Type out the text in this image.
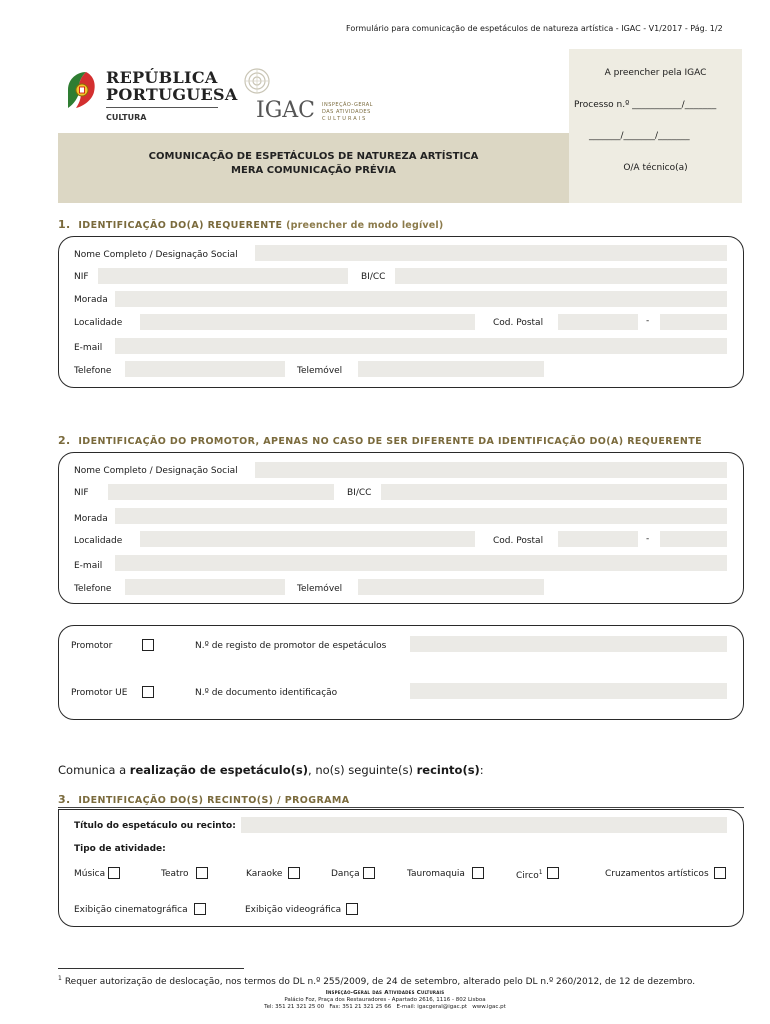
Formulário para comunicação de espetáculos de natureza artística - IGAC - V1/2017 - Pág. 1/2
REPÚBLICA
PORTUGUESA
CULTURA	IGAC INSPEÇÃO-GERAL
DAS ATIVIDADES
CULTURAIS
COMUNICAÇÃO DE ESPETÁCULOS DE NATUREZA ARTÍSTICA
MERA COMUNICAÇÃO PRÉVIA
A preencher pela IGAC
Processo n.º ___________/_______
_______/_______/_______
O/A técnico(a)
1. IDENTIFICAÇÃO DO(A) REQUERENTE (preencher de modo legível)
Nome Completo / Designação Social
NIF	BI/CC
Morada
Localidade	Cod. Postal	-
E-mail
Telefone	Telemóvel
2. IDENTIFICAÇÃO DO PROMOTOR, APENAS NO CASO DE SER DIFERENTE DA IDENTIFICAÇÃO DO(A) REQUERENTE
Nome Completo / Designação Social
NIF	BI/CC
Morada
Localidade	Cod. Postal	-
E-mail
Telefone	Telemóvel
Promotor	N.º de registo de promotor de espetáculos
Promotor UE	N.º de documento identificação
Comunica a realização de espetáculo(s), no(s) seguinte(s) recinto(s):
3. IDENTIFICAÇÃO DO(S) RECINTO(S) / PROGRAMA
Título do espetáculo ou recinto:
Tipo de atividade:
Música	Teatro	Karaoke	Dança	Tauromaquia	Circo$^1$	Cruzamentos artísticos
Exibição cinematográfica	Exibição videográfica
$^1$ Requer autorização de deslocação, nos termos do DL n.º 255/2009, de 24 de setembro, alterado pelo DL n.º 260/2012, de 12 de dezembro.
Inspeção-Geral das Atividades Culturais
Palácio Foz, Praça dos Restauradores - Apartado 2616, 1116 - 802 Lisboa
Tel: 351 21 321 25 00   Fax: 351 21 321 25 66   E-mail: igacgeral@igac.pt   www.igac.pt
